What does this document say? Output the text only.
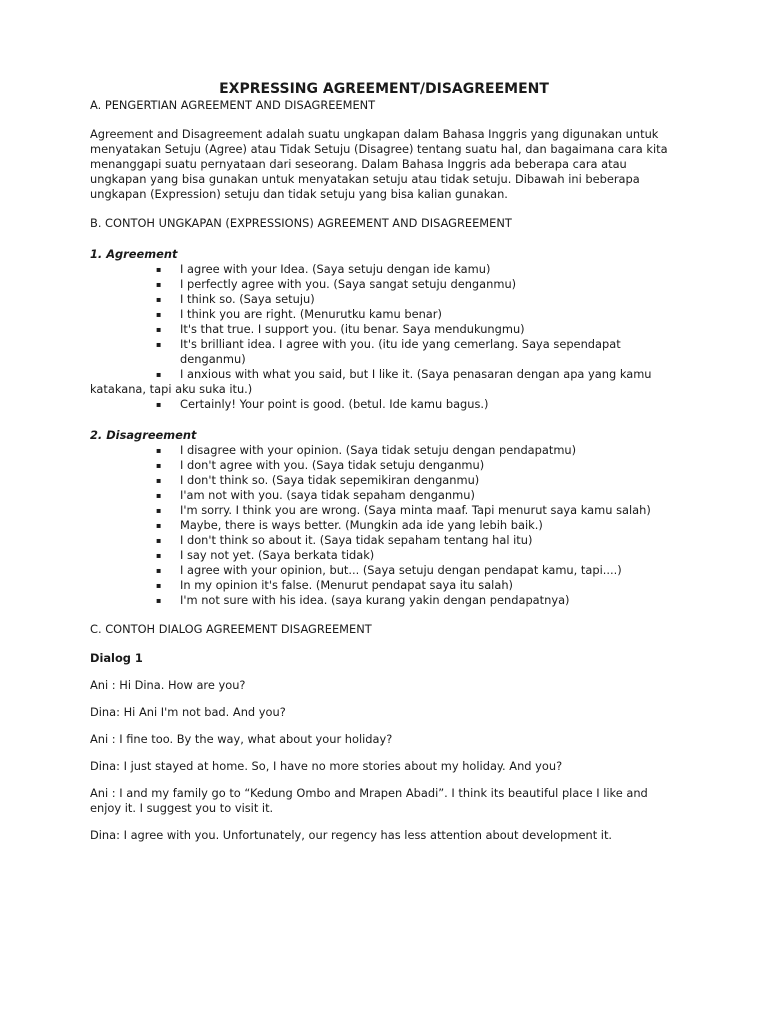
EXPRESSING AGREEMENT/DISAGREEMENT
A. PENGERTIAN AGREEMENT AND DISAGREEMENT
Agreement and Disagreement adalah suatu ungkapan dalam Bahasa Inggris yang digunakan untuk menyatakan Setuju (Agree) atau Tidak Setuju (Disagree) tentang suatu hal, dan bagaimana cara kita menanggapi suatu pernyataan dari seseorang. Dalam Bahasa Inggris ada beberapa cara atau ungkapan yang bisa gunakan untuk menyatakan setuju atau tidak setuju. Dibawah ini beberapa ungkapan (Expression) setuju dan tidak setuju yang bisa kalian gunakan.
B. CONTOH UNGKAPAN (EXPRESSIONS) AGREEMENT AND DISAGREEMENT
1. Agreement
▪ I agree with your Idea. (Saya setuju dengan ide kamu)
▪ I perfectly agree with you. (Saya sangat setuju denganmu)
▪ I think so. (Saya setuju)
▪ I think you are right. (Menurutku kamu benar)
▪ It's that true. I support you. (itu benar. Saya mendukungmu)
▪ It's brilliant idea. I agree with you. (itu ide yang cemerlang. Saya sependapat denganmu)
▪ I anxious with what you said, but I like it. (Saya penasaran dengan apa yang kamu katakana, tapi aku suka itu.)
▪ Certainly! Your point is good. (betul. Ide kamu bagus.)
2. Disagreement
▪ I disagree with your opinion. (Saya tidak setuju dengan pendapatmu)
▪ I don't agree with you. (Saya tidak setuju denganmu)
▪ I don't think so. (Saya tidak sepemikiran denganmu)
▪ I'am not with you. (saya tidak sepaham denganmu)
▪ I'm sorry. I think you are wrong. (Saya minta maaf. Tapi menurut saya kamu salah)
▪ Maybe, there is ways better. (Mungkin ada ide yang lebih baik.)
▪ I don't think so about it. (Saya tidak sepaham tentang hal itu)
▪ I say not yet. (Saya berkata tidak)
▪ I agree with your opinion, but... (Saya setuju dengan pendapat kamu, tapi....)
▪ In my opinion it's false. (Menurut pendapat saya itu salah)
▪ I'm not sure with his idea. (saya kurang yakin dengan pendapatnya)
C. CONTOH DIALOG AGREEMENT DISAGREEMENT
Dialog 1
Ani : Hi Dina. How are you?
Dina: Hi Ani I'm not bad. And you?
Ani : I fine too. By the way, what about your holiday?
Dina: I just stayed at home. So, I have no more stories about my holiday. And you?
Ani : I and my family go to “Kedung Ombo and Mrapen Abadi”. I think its beautiful place I like and enjoy it. I suggest you to visit it.
Dina: I agree with you. Unfortunately, our regency has less attention about development it.
